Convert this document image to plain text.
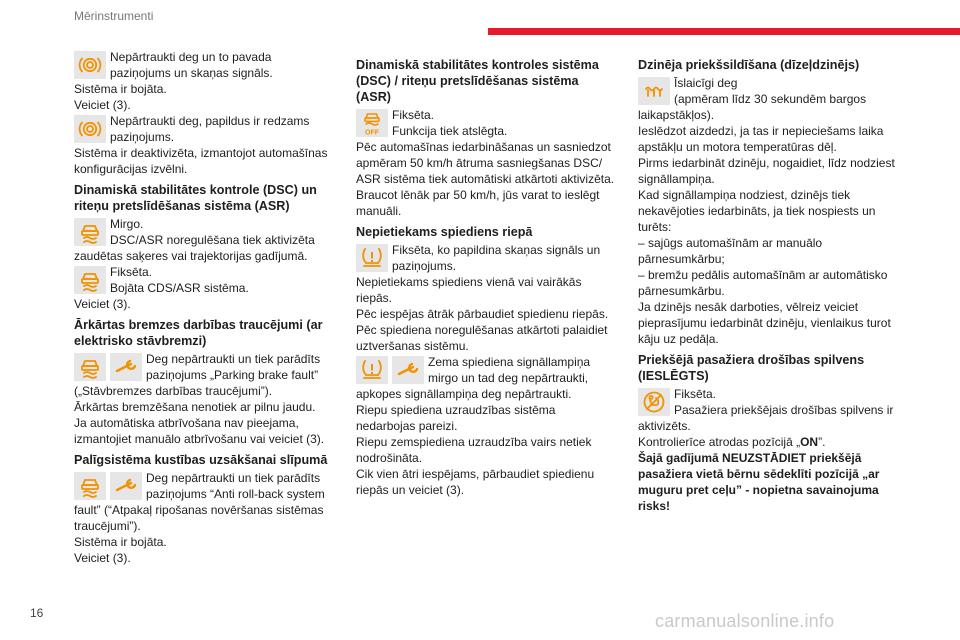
Mērinstrumenti
Nepārtraukti deg un to pavada
paziņojums un skaņas signāls.
Sistēma ir bojāta.
Veiciet (3).
Nepārtraukti deg, papildus ir redzams
paziņojums.
Sistēma ir deaktivizēta, izmantojot automašīnas
konfigurācijas izvēlni.
Dinamiskā stabilitātes kontrole (DSC) un
riteņu pretslīdēšanas sistēma (ASR)
Mirgo.
DSC/ASR noregulēšana tiek aktivizēta
zaudētas saķeres vai trajektorijas gadījumā.
Fiksēta.
Bojāta CDS/ASR sistēma.
Veiciet (3).
Ārkārtas bremzes darbības traucējumi (ar
elektrisko stāvbremzi)
Deg nepārtraukti un tiek parādīts
paziņojums „Parking brake fault”
(„Stāvbremzes darbības traucējumi”).
Ārkārtas bremzēšana nenotiek ar pilnu jaudu.
Ja automātiska atbrīvošana nav pieejama,
izmantojiet manuālo atbrīvošanu vai veiciet (3).
Palīgsistēma kustības uzsākšanai slīpumā
Deg nepārtraukti un tiek parādīts
paziņojums “Anti roll-back system
fault” (“Atpakaļ ripošanas novēršanas sistēmas
traucējumi”).
Sistēma ir bojāta.
Veiciet (3).
Dinamiskā stabilitātes kontroles sistēma
(DSC) / riteņu pretslīdēšanas sistēma
(ASR)
OFF
Fiksēta.
Funkcija tiek atslēgta.
Pēc automašīnas iedarbināšanas un sasniedzot
apmēram 50 km/h ātruma sasniegšanas DSC/
ASR sistēma tiek automātiski atkārtoti aktivizēta.
Braucot lēnāk par 50 km/h, jūs varat to ieslēgt
manuāli.
Nepietiekams spiediens riepā
Fiksēta, ko papildina skaņas signāls un
paziņojums.
Nepietiekams spiediens vienā vai vairākās
riepās.
Pēc iespējas ātrāk pārbaudiet spiedienu riepās.
Pēc spiediena noregulēšanas atkārtoti palaidiet
uztveršanas sistēmu.
Zema spiediena signāllampiņa
mirgo un tad deg nepārtraukti,
apkopes signāllampiņa deg nepārtraukti.
Riepu spiediena uzraudzības sistēma
nedarbojas pareizi.
Riepu zemspiediena uzraudzība vairs netiek
nodrošināta.
Cik vien ātri iespējams, pārbaudiet spiedienu
riepās un veiciet (3).
Dzinēja priekšsildīšana (dīzeļdzinējs)
Īslaicīgi deg
(apmēram līdz 30 sekundēm bargos
laikapstākļos).
Ieslēdzot aizdedzi, ja tas ir nepieciešams laika
apstākļu un motora temperatūras dēļ.
Pirms iedarbināt dzinēju, nogaidiet, līdz nodziest
signāllampiņa.
Kad signāllampiņa nodziest, dzinējs tiek
nekavējoties iedarbināts, ja tiek nospiests un
turēts:
– sajūgs automašīnām ar manuālo
pārnesumkārbu;
– bremžu pedālis automašīnām ar automātisko
pārnesumkārbu.
Ja dzinējs nesāk darboties, vēlreiz veiciet
pieprasījumu iedarbināt dzinēju, vienlaikus turot
kāju uz pedāļa.
Priekšējā pasažiera drošības spilvens
(IESLĒGTS)
Fiksēta.
Pasažiera priekšējais drošības spilvens ir
aktivizēts.
Kontrolierīce atrodas pozīcijā „ON”.
Šajā gadījumā NEUZSTĀDIET priekšējā
pasažiera vietā bērnu sēdeklīti pozīcijā „ar
muguru pret ceļu” - nopietna savainojuma
risks!
16	carmanualsonline.info
